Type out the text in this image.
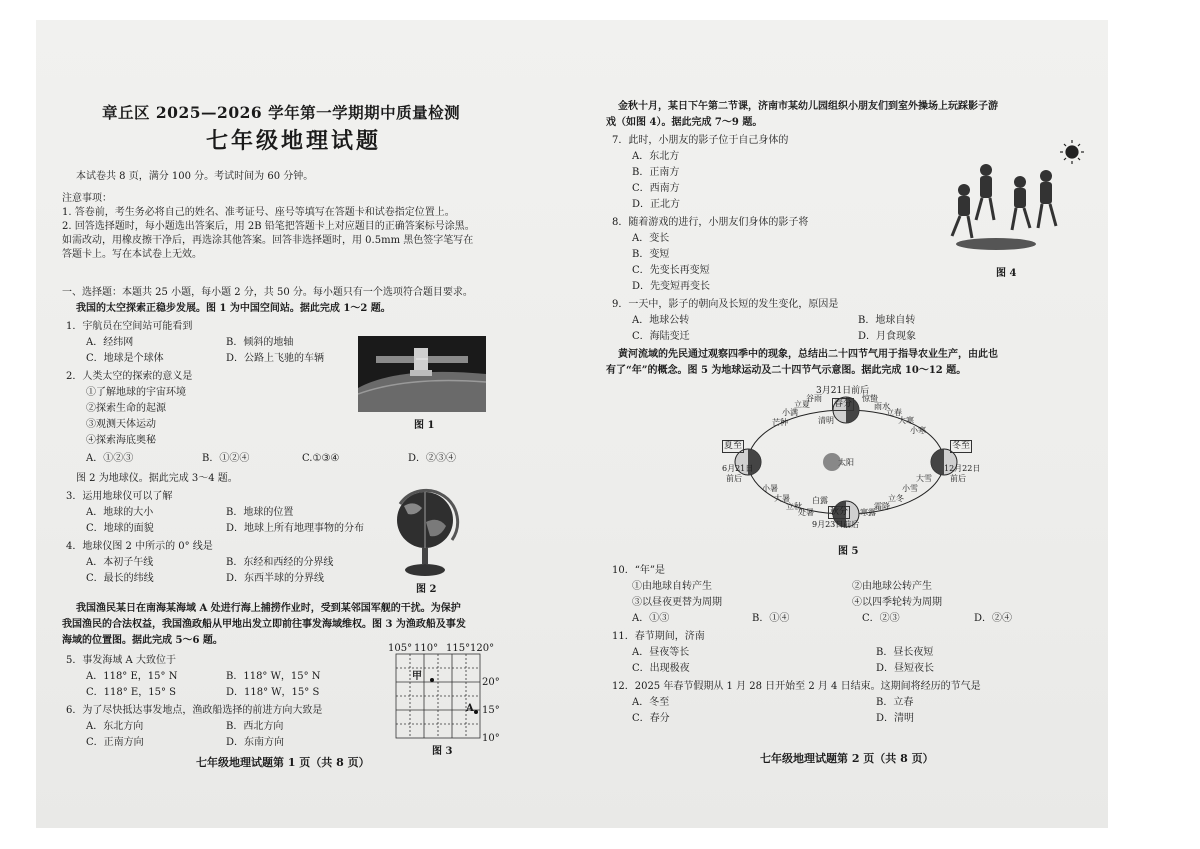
章丘区 2025—2026 学年第一学期期中质量检测
七年级地理试题
本试卷共 8 页，满分 100 分。考试时间为 60 分钟。
注意事项：
1. 答卷前，考生务必将自己的姓名、准考证号、座号等填写在答题卡和试卷指定位置上。
2. 回答选择题时，每小题选出答案后，用 2B 铅笔把答题卡上对应题目的正确答案标号涂黑。
如需改动，用橡皮擦干净后，再选涂其他答案。回答非选择题时，用 0.5mm 黑色签字笔写在
答题卡上。写在本试卷上无效。
一、选择题：本题共 25 小题，每小题 2 分，共 50 分。每小题只有一个选项符合题目要求。
我国的太空探索正稳步发展。图 1 为中国空间站。据此完成 1～2 题。
1．宇航员在空间站可能看到
A．经纬网	B．倾斜的地轴
C．地球是个球体	D．公路上飞驰的车辆
2．人类太空的探索的意义是
①了解地球的宇宙环境
②探索生命的起源
③观测天体运动
④探索海底奥秘
A．①②③	B．①②④	C.①③④	D．②③④
图 1
图 2 为地球仪。据此完成 3～4 题。
3．运用地球仪可以了解
A．地球的大小	B．地球的位置
C．地球的面貌	D．地球上所有地理事物的分布
4．地球仪图 2 中所示的 0° 线是
A．本初子午线	B．东经和西经的分界线
C．最长的纬线	D．东西半球的分界线
图 2
我国渔民某日在南海某海域 A 处进行海上捕捞作业时，受到某邻国军舰的干扰。为保护
我国渔民的合法权益，我国渔政船从甲地出发立即前往事发海域维权。图 3 为渔政船及事发
海域的位置图。据此完成 5～6 题。
5．事发海域 A 大致位于
A．118° E，15° N	B．118° W，15° N
C．118° E，15° S	D．118° W，15° S
6．为了尽快抵达事发地点，渔政船选择的前进方向大致是
A．东北方向	B．西北方向
C．正南方向	D．东南方向
105° 110° 115° 120°
甲
A
20°
15°
10°
图 3
七年级地理试题第 1 页（共 8 页）
金秋十月，某日下午第二节课，济南市某幼儿园组织小朋友们到室外操场上玩踩影子游
戏（如图 4）。据此完成 7～9 题。
7．此时，小朋友的影子位于自己身体的
A．东北方
B．正南方
C．西南方
D．正北方
8．随着游戏的进行，小朋友们身体的影子将
A．变长
B．变短
C．先变长再变短
D．先变短再变长
图 4
9．一天中，影子的朝向及长短的发生变化，原因是
A．地球公转	B．地球自转
C．海陆变迁	D．月食现象
黄河流域的先民通过观察四季中的现象，总结出二十四节气用于指导农业生产，由此也
有了“年”的概念。图 5 为地球运动及二十四节气示意图。据此完成 10～12 题。
3月21日前后
春分
夏至
6月21日
前后
冬至
12月22日
前后
秋分
9月23日前后
太阳
芒种
小满
立夏
谷雨
清明
惊蛰
雨水
立春
大寒
小寒
小暑
大暑
立秋
处暑
白露
寒露
霜降
立冬
小雪
大雪
图 5
10．“年”是
①由地球自转产生	②由地球公转产生
③以昼夜更替为周期	④以四季轮转为周期
A．①③	B．①④	C．②③	D．②④
11．春节期间，济南
A．昼夜等长	B．昼长夜短
C．出现极夜	D．昼短夜长
12．2025 年春节假期从 1 月 28 日开始至 2 月 4 日结束。这期间将经历的节气是
A．冬至	B．立春
C．春分	D．清明
七年级地理试题第 2 页（共 8 页）
